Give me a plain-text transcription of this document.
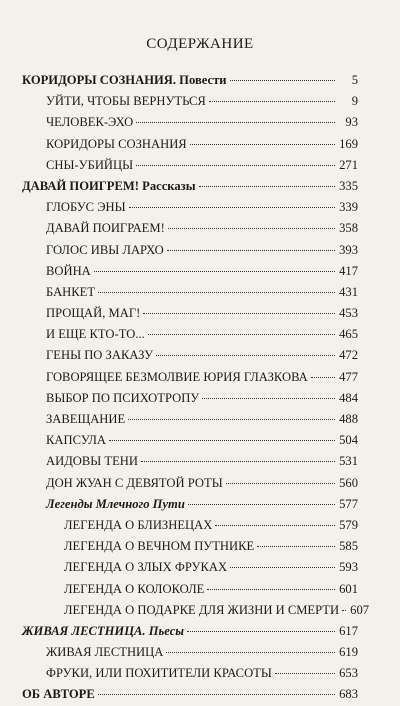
СОДЕРЖАНИЕ
КОРИДОРЫ СОЗНАНИЯ. Повести	5
УЙТИ, ЧТОБЫ ВЕРНУТЬСЯ	9
ЧЕЛОВЕК-ЭХО	93
КОРИДОРЫ СОЗНАНИЯ	169
СНЫ-УБИЙЦЫ	271
ДАВАЙ ПОИГРЕМ! Рассказы	335
ГЛОБУС ЭНЫ	339
ДАВАЙ ПОИГРАЕМ!	358
ГОЛОС ИВЫ ЛАРХО	393
ВОЙНА	417
БАНКЕТ	431
ПРОЩАЙ, МАГ!	453
И ЕЩЕ КТО-ТО...	465
ГЕНЫ ПО ЗАКАЗУ	472
ГОВОРЯЩЕЕ БЕЗМОЛВИЕ ЮРИЯ ГЛАЗКОВА 477
ВЫБОР ПО ПСИХОТРОПУ	484
ЗАВЕЩАНИЕ	488
КАПСУЛА	504
АИДОВЫ ТЕНИ	531
ДОН ЖУАН С ДЕВЯТОЙ РОТЫ	560
Легенды Млечного Пути	577
ЛЕГЕНДА О БЛИЗНЕЦАХ	579
ЛЕГЕНДА О ВЕЧНОМ ПУТНИКЕ	585
ЛЕГЕНДА О ЗЛЫХ ФРУКАХ	593
ЛЕГЕНДА О КОЛОКОЛЕ	601
ЛЕГЕНДА О ПОДАРКЕ ДЛЯ ЖИЗНИ И СМЕРТИ 607
ЖИВАЯ ЛЕСТНИЦА. Пьесы	617
ЖИВАЯ ЛЕСТНИЦА	619
ФРУКИ, ИЛИ ПОХИТИТЕЛИ КРАСОТЫ	653
ОБ АВТОРЕ	683
